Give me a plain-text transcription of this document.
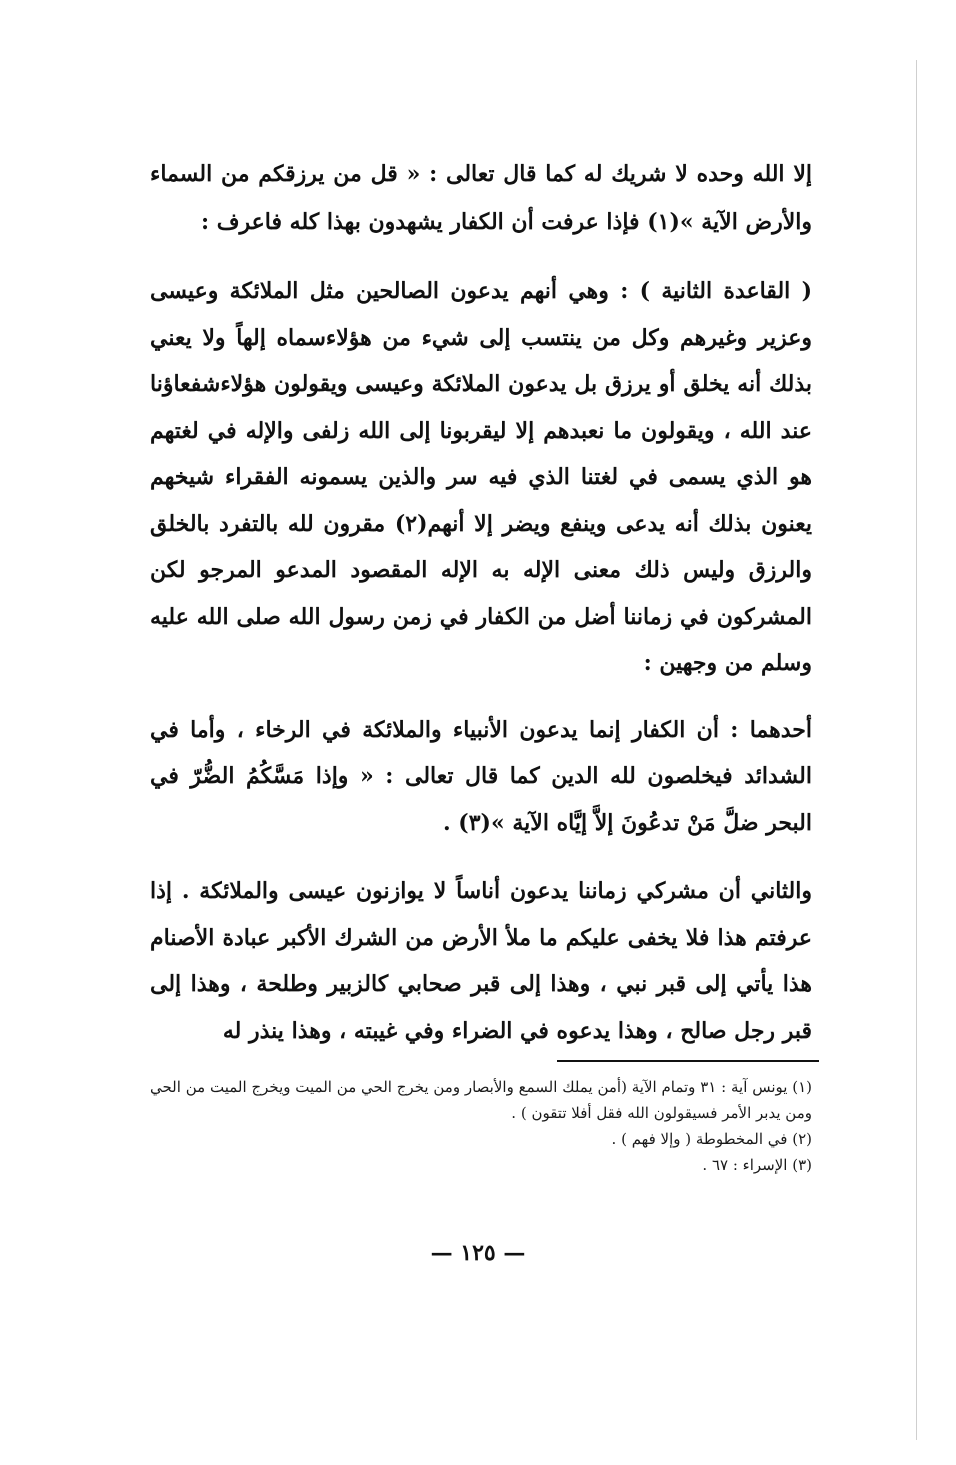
إلا الله وحده لا شريك له كما قال تعالى : « قل من يرزقكم من السماء والأرض الآية »(١) فإذا عرفت أن الكفار يشهدون بهذا كله فاعرف :

( القاعدة الثانية ) : وهي أنهم يدعون الصالحين مثل الملائكة وعيسى وعزير وغيرهم وكل من ينتسب إلى شيء من هؤلاءسماه إلهاً ولا يعني بذلك أنه يخلق أو يرزق بل يدعون الملائكة وعيسى ويقولون هؤلاءشفعاؤنا عند الله ، ويقولون ما نعبدهم إلا ليقربونا إلى الله زلفى والإله في لغتهم هو الذي يسمى في لغتنا الذي فيه سر والذين يسمونه الفقراء شيخهم يعنون بذلك أنه يدعى وينفع ويضر إلا أنهم(٢) مقرون لله بالتفرد بالخلق والرزق وليس ذلك معنى الإله به الإله المقصود المدعو المرجو لكن المشركون في زماننا أضل من الكفار في زمن رسول الله صلى الله عليه وسلم من وجهين :

أحدهما : أن الكفار إنما يدعون الأنبياء والملائكة في الرخاء ، وأما في الشدائد فيخلصون لله الدين كما قال تعالى : « وإذا مَسَّكُمُ الضُّرّ في البحر ضلَّ مَنْ تدعُونَ إلاَّ إيَّاه الآية »(٣) .

والثاني أن مشركي زماننا يدعون أناساً لا يوازنون عيسى والملائكة . إذا عرفتم هذا فلا يخفى عليكم ما ملأ الأرض من الشرك الأكبر عبادة الأصنام هذا يأتي إلى قبر نبي ، وهذا إلى قبر صحابي كالزبير وطلحة ، وهذا إلى قبر رجل صالح ، وهذا يدعوه في الضراء وفي غيبته ، وهذا ينذر له

(١) يونس آية : ٣١ وتمام الآية (أمن يملك السمع والأبصار ومن يخرج الحي من الميت ويخرج الميت من الحي ومن يدبر الأمر فسيقولون الله فقل أفلا تتقون ) .

(٢) في المخطوطة ( وإلا فهم ) .

(٣) الإسراء : ٦٧ .

— ١٢٥ —
